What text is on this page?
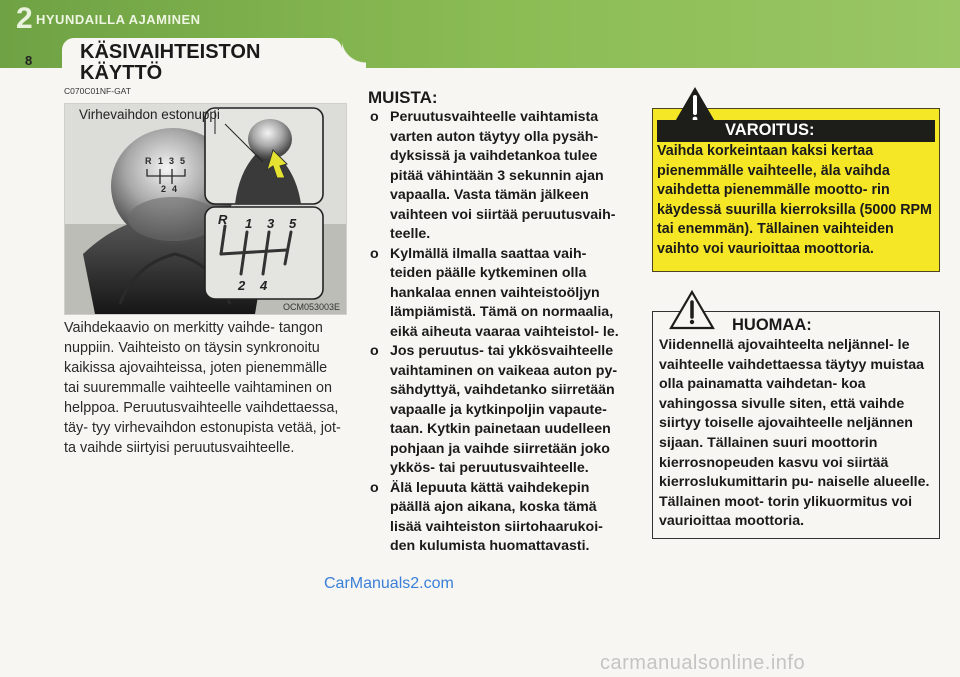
2 HYUNDAILLA AJAMINEN
8 KÄSIVAIHTEISTON
KÄYTTÖ
C070C01NF-GAT
Virhevaihdon estonuppi
R 1 3 5
2 4
R 1 3 5
2 4
OCM053003E
Vaihdekaavio on merkitty vaihde- tangon nuppiin. Vaihteisto on täysin synkronoitu kaikissa ajovaihteissa, joten pienemmälle tai suuremmalle vaihteelle vaihtaminen on helppoa. Peruutusvaihteelle vaihdettaessa, täy- tyy virhevaihdon estonupista vetää, jot- ta vaihde siirtyisi peruutusvaihteelle.
MUISTA:
o Peruutusvaihteelle vaihtamista varten auton täytyy olla pysäh- dyksissä ja vaihdetankoa tulee pitää vähintään 3 sekunnin ajan vapaalla. Vasta tämän jälkeen vaihteen voi siirtää peruutusvaih- teelle.
o Kylmällä ilmalla saattaa vaih- teiden päälle kytkeminen olla hankalaa ennen vaihteistoöljyn lämpiämistä. Tämä on normaalia, eikä aiheuta vaaraa vaihteistol- le.
o Jos peruutus- tai ykkösvaihteelle vaihtaminen on vaikeaa auton py- sähdyttyä, vaihdetanko siirretään vapaalle ja kytkinpoljin vapaute- taan. Kytkin painetaan uudelleen pohjaan ja vaihde siirretään joko ykkös- tai peruutusvaihteelle.
o Älä lepuuta kättä vaihdekepin päällä ajon aikana, koska tämä lisää vaihteiston siirtohaarukoi- den kulumista huomattavasti.
VAROITUS:
Vaihda korkeintaan kaksi kertaa pienemmälle vaihteelle, äla vaihda vaihdetta pienemmälle mootto- rin käydessä suurilla kierroksilla (5000 RPM tai enemmän). Tällainen vaihteiden vaihto voi vaurioittaa moottoria.
HUOMAA:
Viidennellä ajovaihteelta neljännel- le vaihteelle vaihdettaessa täytyy muistaa olla painamatta vaihdetan- koa vahingossa sivulle siten, että vaihde siirtyy toiselle ajovaihteelle neljännen sijaan. Tällainen suuri moottorin kierrosnopeuden kasvu voi siirtää kierroslukumittarin pu- naiselle alueelle. Tällainen moot- torin ylikuormitus voi vaurioittaa moottoria.
CarManuals2.com
carmanualsonline.info
